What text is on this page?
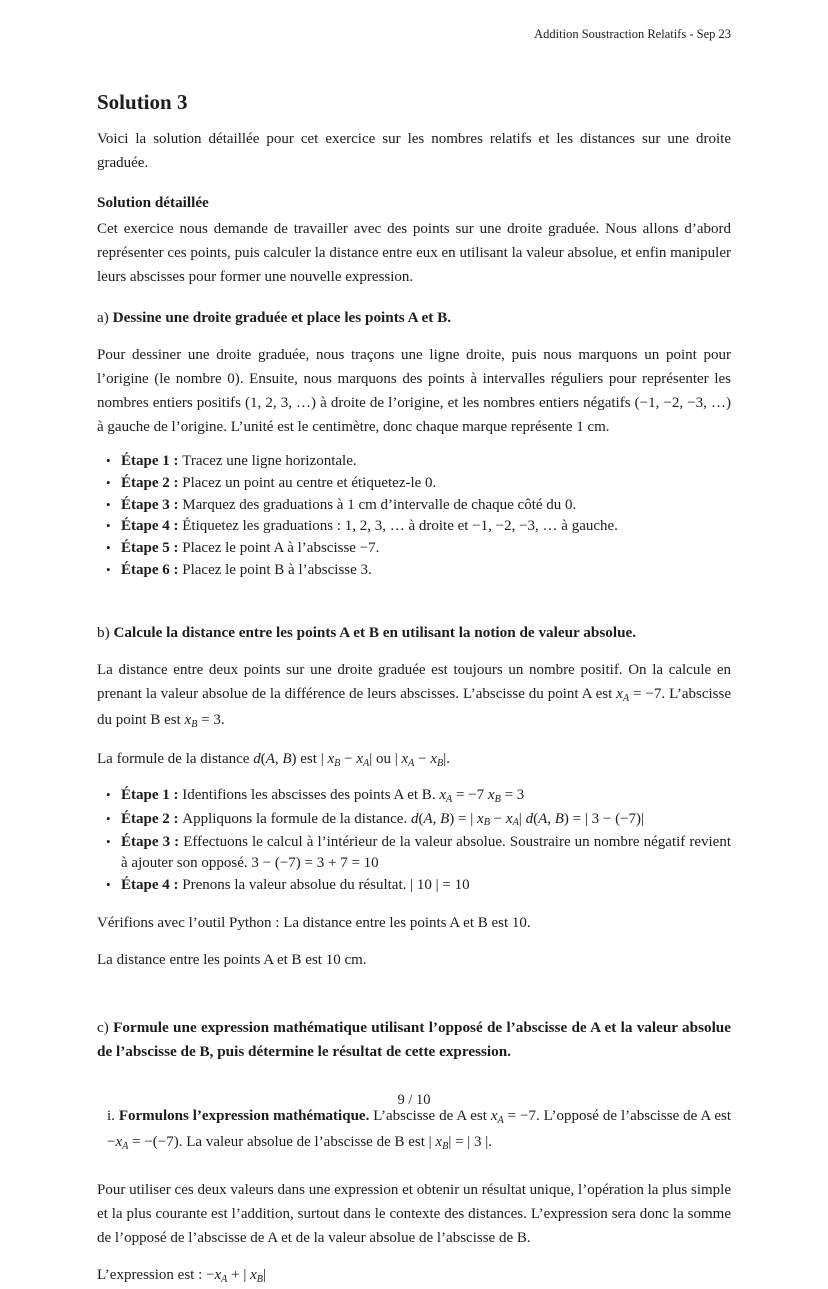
Addition Soustraction Relatifs - Sep 23
Solution 3

Voici la solution détaillée pour cet exercice sur les nombres relatifs et les distances sur une droite graduée.

Solution détaillée

Cet exercice nous demande de travailler avec des points sur une droite graduée. Nous allons d’abord représenter ces points, puis calculer la distance entre eux en utilisant la valeur absolue, et enfin manipuler leurs abscisses pour former une nouvelle expression.

a) Dessine une droite graduée et place les points A et B.

Pour dessiner une droite graduée, nous traçons une ligne droite, puis nous marquons un point pour l’origine (le nombre 0). Ensuite, nous marquons des points à intervalles réguliers pour représenter les nombres entiers positifs (1, 2, 3, …) à droite de l’origine, et les nombres entiers négatifs (−1, −2, −3, …) à gauche de l’origine. L’unité est le centimètre, donc chaque marque représente 1 cm.

• Étape 1 : Tracez une ligne horizontale.
• Étape 2 : Placez un point au centre et étiquetez-le 0.
• Étape 3 : Marquez des graduations à 1 cm d’intervalle de chaque côté du 0.
• Étape 4 : Étiquetez les graduations : 1, 2, 3, … à droite et −1, −2, −3, … à gauche.
• Étape 5 : Placez le point A à l’abscisse −7.
• Étape 6 : Placez le point B à l’abscisse 3.
b) Calcule la distance entre les points A et B en utilisant la notion de valeur absolue.

La distance entre deux points sur une droite graduée est toujours un nombre positif. On la calcule en prenant la valeur absolue de la différence de leurs abscisses. L’abscisse du point A est xA = −7. L’abscisse du point B est xB = 3.

La formule de la distance d(A, B) est | xB − xA| ou | xA − xB|.

• Étape 1 : Identifions les abscisses des points A et B. xA = −7 xB = 3
• Étape 2 : Appliquons la formule de la distance. d(A, B) = | xB − xA| d(A, B) = | 3 − (−7)|
• Étape 3 : Effectuons le calcul à l’intérieur de la valeur absolue. Soustraire un nombre négatif revient à ajouter son opposé. 3 − (−7) = 3 + 7 = 10
• Étape 4 : Prenons la valeur absolue du résultat. | 10 | = 10

Vérifions avec l’outil Python : La distance entre les points A et B est 10.

La distance entre les points A et B est 10 cm.

c) Formule une expression mathématique utilisant l’opposé de l’abscisse de A et la valeur absolue de l’abscisse de B, puis détermine le résultat de cette expression.

i. Formulons l’expression mathématique. L’abscisse de A est xA = −7. L’opposé de l’abscisse de A est −xA = −(−7). La valeur absolue de l’abscisse de B est | xB| = | 3 |.

Pour utiliser ces deux valeurs dans une expression et obtenir un résultat unique, l’opération la plus simple et la plus courante est l’addition, surtout dans le contexte des distances. L’expression sera donc la somme de l’opposé de l’abscisse de A et de la valeur absolue de l’abscisse de B.

L’expression est : −xA + | xB|

9 / 10
